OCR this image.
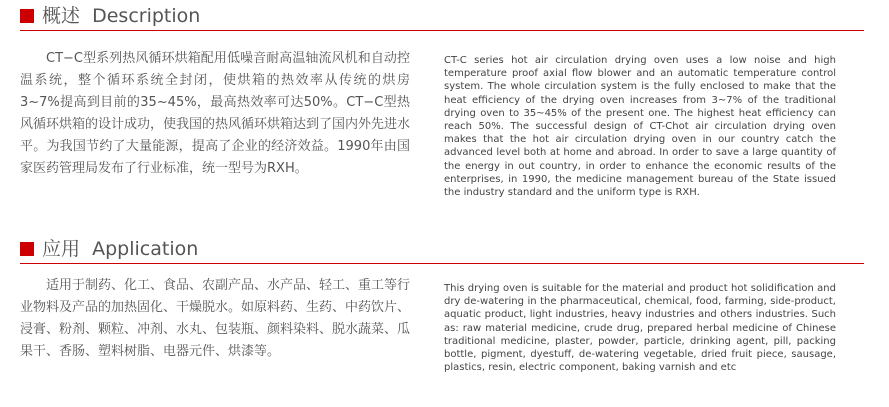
概述 Description

CT−C型系列热风循环烘箱配用低噪音耐高温轴流风机和自动控温系统，整个循环系统全封闭，使烘箱的热效率从传统的烘房3~7%提高到目前的35~45%，最高热效率可达50%。CT−C型热风循环烘箱的设计成功，使我国的热风循环烘箱达到了国内外先进水平。为我国节约了大量能源，提高了企业的经济效益。1990年由国家医药管理局发布了行业标准，统一型号为RXH。

CT-C series hot air circulation drying oven uses a low noise and high temperature proof axial flow blower and an automatic temperature control system. The whole circulation system is the fully enclosed to make that the heat efficiency of the drying oven increases from 3~7% of the traditional drying oven to 35~45% of the present one. The highest heat efficiency can reach 50%. The successful design of CT-Chot air circulation drying oven makes that the hot air circulation drying oven in our country catch the advanced level both at home and abroad. In order to save a large quantity of the energy in out country, in order to enhance the economic results of the enterprises, in 1990, the medicine management bureau of the State issued the industry standard and the uniform type is RXH.

应用 Application

适用于制药、化工、食品、农副产品、水产品、轻工、重工等行业物料及产品的加热固化、干燥脱水。如原料药、生药、中药饮片、浸膏、粉剂、颗粒、冲剂、水丸、包装瓶、颜料染料、脱水蔬菜、瓜果干、香肠、塑料树脂、电器元件、烘漆等。

This drying oven is suitable for the material and product hot solidification and dry de-watering in the pharmaceutical, chemical, food, farming, side-product, aquatic product, light industries, heavy industries and others industries. Such as: raw material medicine, crude drug, prepared herbal medicine of Chinese traditional medicine, plaster, powder, particle, drinking agent, pill, packing bottle, pigment, dyestuff, de-watering vegetable, dried fruit piece, sausage, plastics, resin, electric component, baking varnish and etc
